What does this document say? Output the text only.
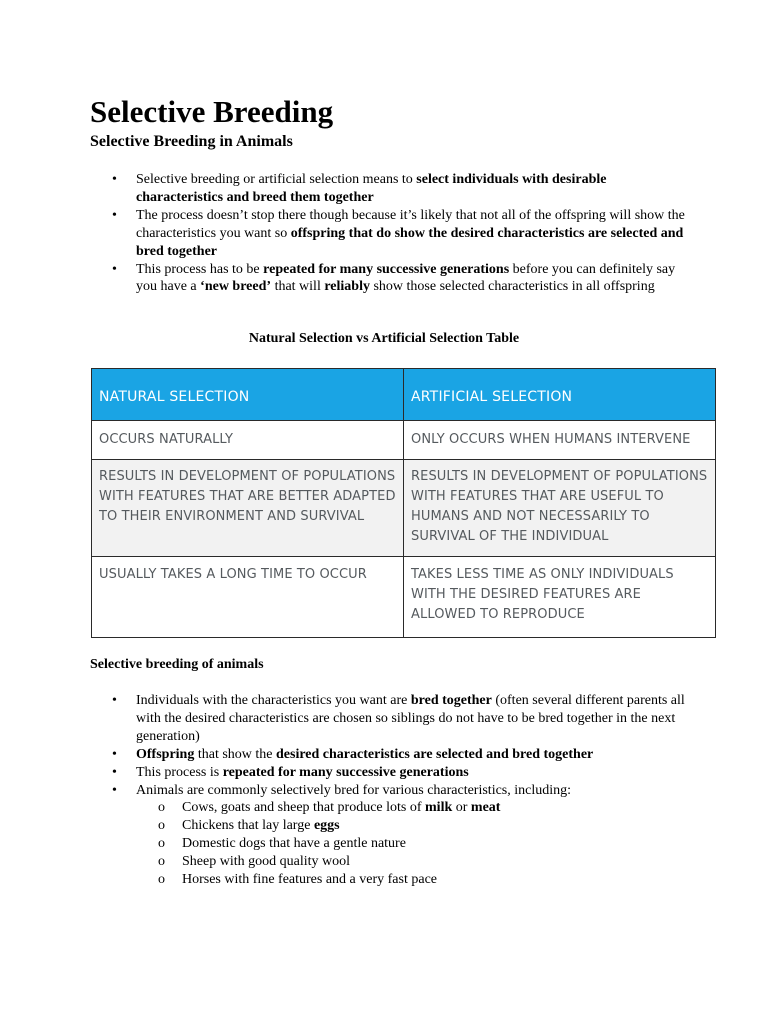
Selective Breeding
Selective Breeding in Animals
• Selective breeding or artificial selection means to select individuals with desirable characteristics and breed them together
• The process doesn’t stop there though because it’s likely that not all of the offspring will show the characteristics you want so offspring that do show the desired characteristics are selected and bred together
• This process has to be repeated for many successive generations before you can definitely say you have a ‘new breed’ that will reliably show those selected characteristics in all offspring
Natural Selection vs Artificial Selection Table
NATURAL SELECTION	ARTIFICIAL SELECTION
OCCURS NATURALLY	ONLY OCCURS WHEN HUMANS INTERVENE
RESULTS IN DEVELOPMENT OF POPULATIONS WITH FEATURES THAT ARE BETTER ADAPTED TO THEIR ENVIRONMENT AND SURVIVAL	RESULTS IN DEVELOPMENT OF POPULATIONS WITH FEATURES THAT ARE USEFUL TO HUMANS AND NOT NECESSARILY TO SURVIVAL OF THE INDIVIDUAL
USUALLY TAKES A LONG TIME TO OCCUR	TAKES LESS TIME AS ONLY INDIVIDUALS WITH THE DESIRED FEATURES ARE ALLOWED TO REPRODUCE
Selective breeding of animals
• Individuals with the characteristics you want are bred together (often several different parents all with the desired characteristics are chosen so siblings do not have to be bred together in the next generation)
• Offspring that show the desired characteristics are selected and bred together
• This process is repeated for many successive generations
• Animals are commonly selectively bred for various characteristics, including:
o Cows, goats and sheep that produce lots of milk or meat
o Chickens that lay large eggs
o Domestic dogs that have a gentle nature
o Sheep with good quality wool
o Horses with fine features and a very fast pace
